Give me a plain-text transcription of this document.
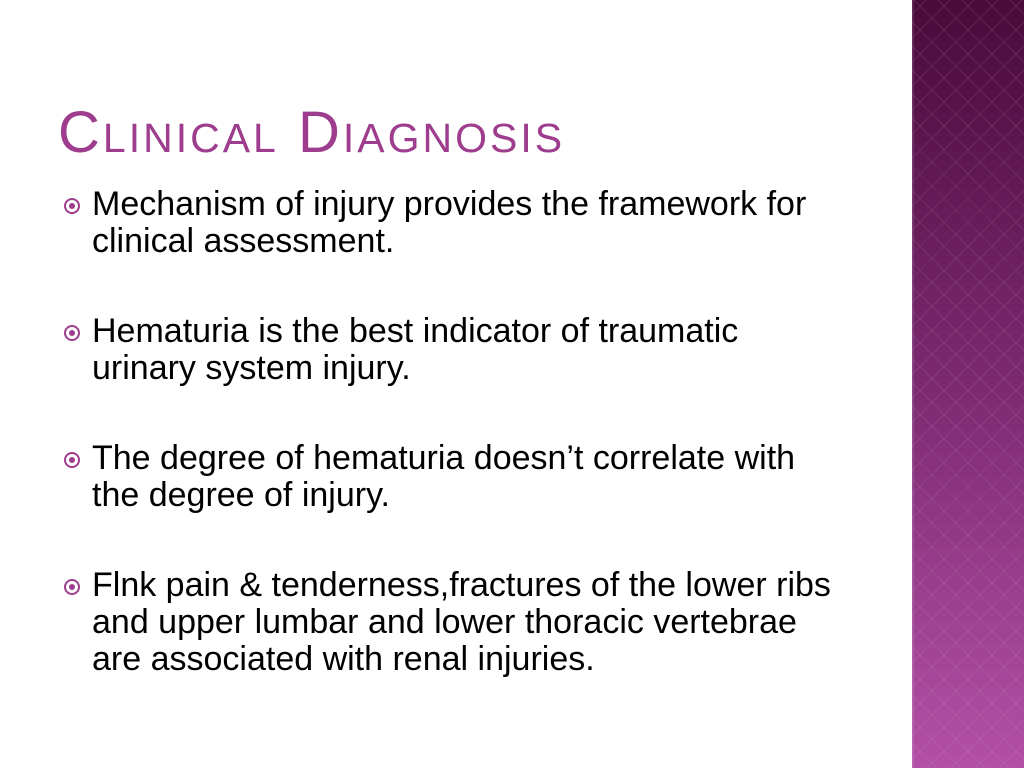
Clinical Diagnosis
Mechanism of injury provides the framework for
clinical assessment.
Hematuria is the best indicator of traumatic
urinary system injury.
The degree of hematuria doesn’t correlate with
the degree of injury.
Flnk pain & tenderness,fractures of the lower ribs
and upper lumbar and lower thoracic vertebrae
are associated with renal injuries.
